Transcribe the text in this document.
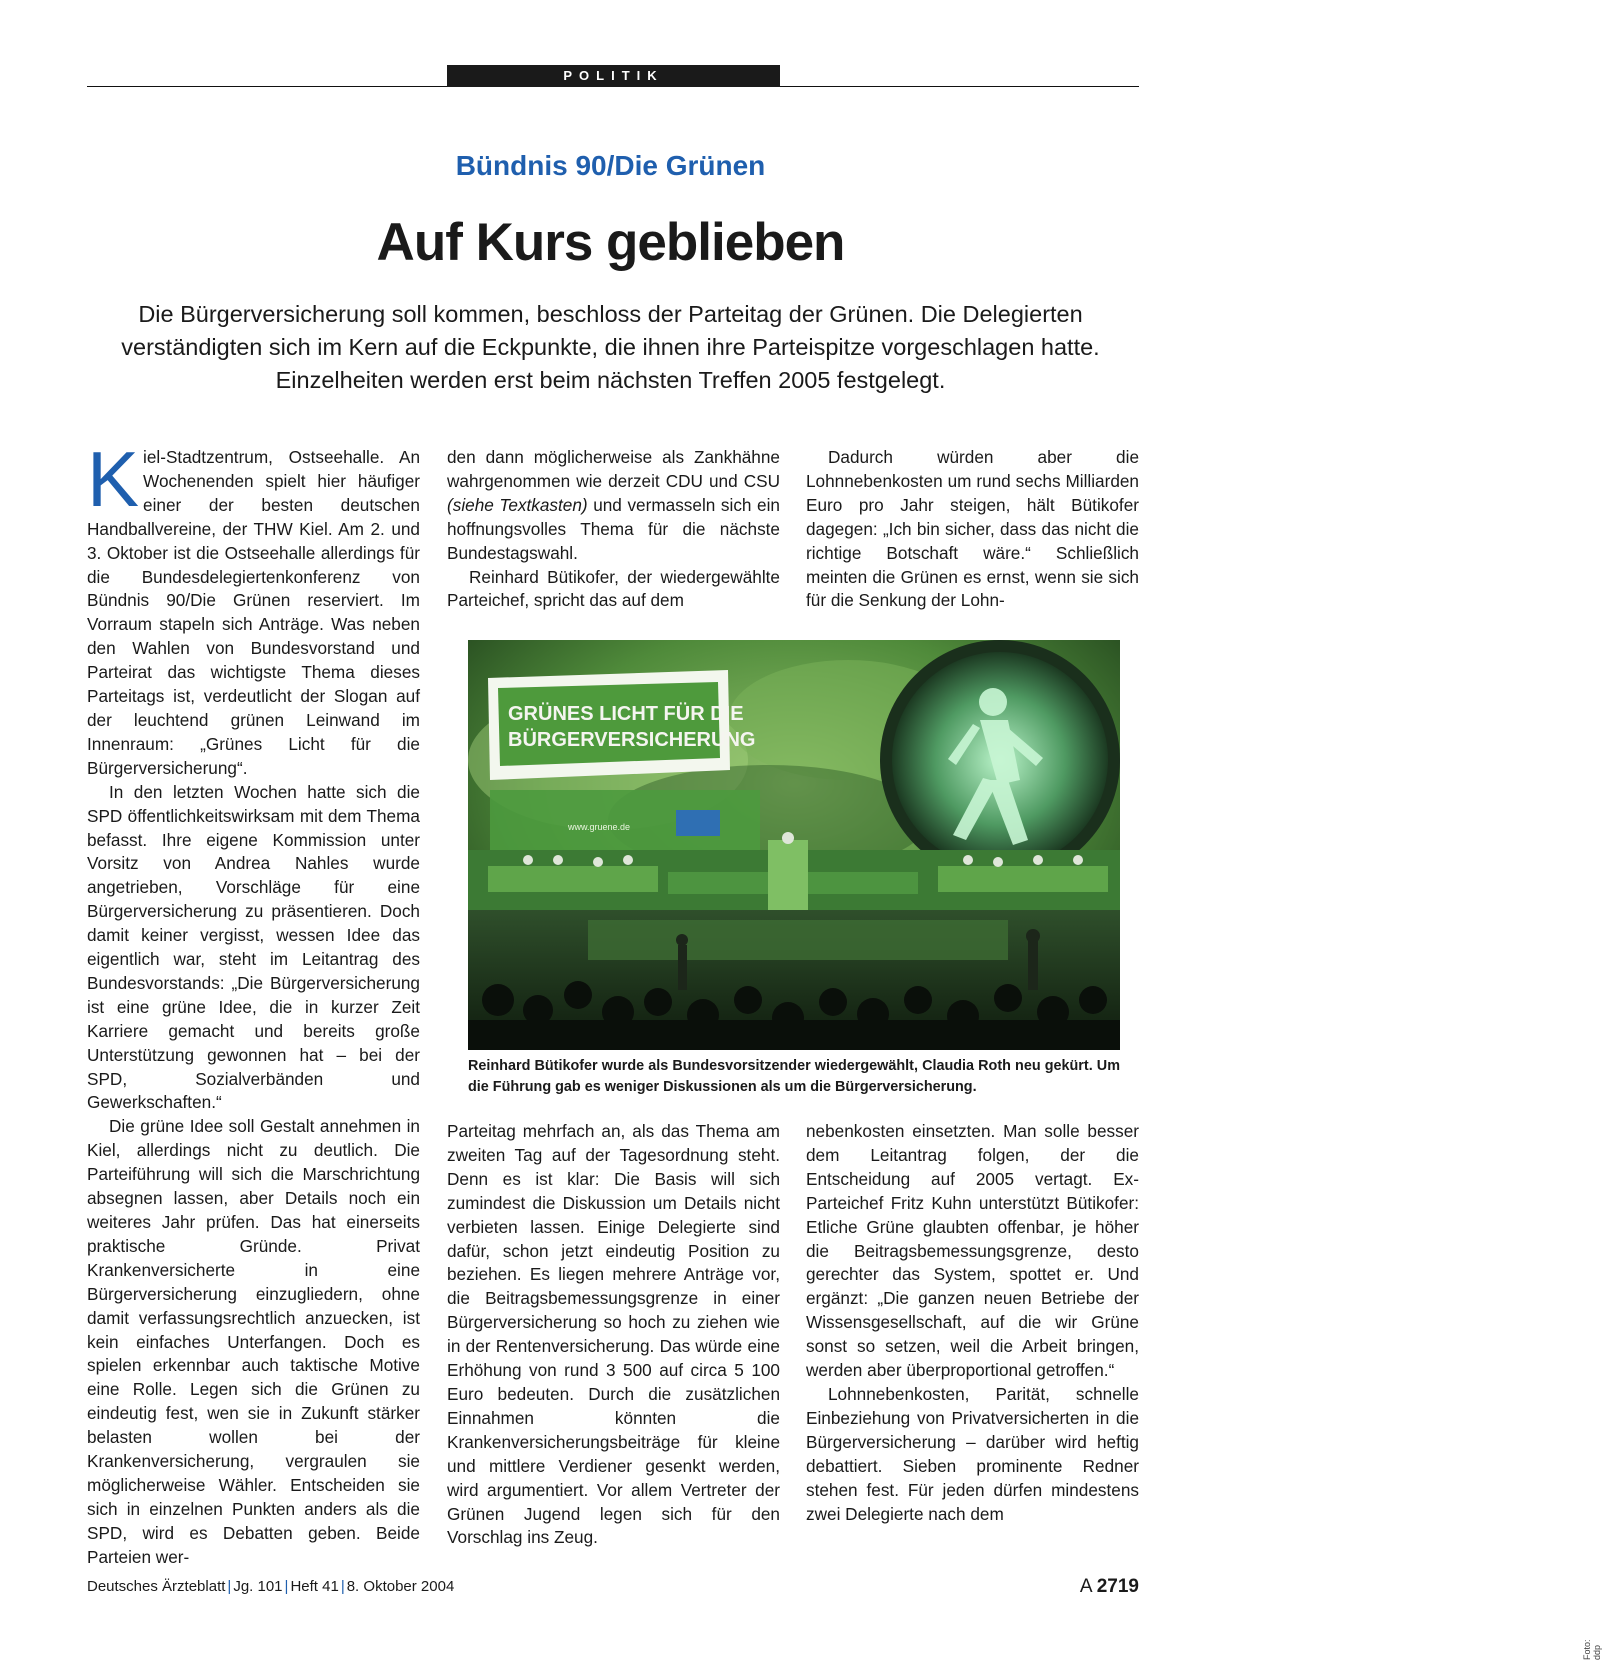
POLITIK
Bündnis 90/Die Grünen
Auf Kurs geblieben
Die Bürgerversicherung soll kommen, beschloss der Parteitag der Grünen. Die Delegierten verständigten sich im Kern auf die Eckpunkte, die ihnen ihre Parteispitze vorgeschlagen hatte. Einzelheiten werden erst beim nächsten Treffen 2005 festgelegt.

Kiel-Stadtzentrum, Ostseehalle. An Wochenenden spielt hier häufiger einer der besten deutschen Handballvereine, der THW Kiel. Am 2. und 3. Oktober ist die Ostseehalle allerdings für die Bundesdelegiertenkonferenz von Bündnis 90/Die Grünen reserviert. Im Vorraum stapeln sich Anträge. Was neben den Wahlen von Bundesvorstand und Parteirat das wichtigste Thema dieses Parteitags ist, verdeutlicht der Slogan auf der leuchtend grünen Leinwand im Innenraum: „Grünes Licht für die Bürgerversicherung“.

In den letzten Wochen hatte sich die SPD öffentlichkeitswirksam mit dem Thema befasst. Ihre eigene Kommission unter Vorsitz von Andrea Nahles wurde angetrieben, Vorschläge für eine Bürgerversicherung zu präsentieren. Doch damit keiner vergisst, wessen Idee das eigentlich war, steht im Leitantrag des Bundesvorstands: „Die Bürgerversicherung ist eine grüne Idee, die in kurzer Zeit Karriere gemacht und bereits große Unterstützung gewonnen hat – bei der SPD, Sozialverbänden und Gewerkschaften.“

Die grüne Idee soll Gestalt annehmen in Kiel, allerdings nicht zu deutlich. Die Parteiführung will sich die Marschrichtung absegnen lassen, aber Details noch ein weiteres Jahr prüfen. Das hat einerseits praktische Gründe. Privat Krankenversicherte in eine Bürgerversicherung einzugliedern, ohne damit verfassungsrechtlich anzuecken, ist kein einfaches Unterfangen. Doch es spielen erkennbar auch taktische Motive eine Rolle. Legen sich die Grünen zu eindeutig fest, wen sie in Zukunft stärker belasten wollen bei der Krankenversicherung, vergraulen sie möglicherweise Wähler. Entscheiden sie sich in einzelnen Punkten anders als die SPD, wird es Debatten geben. Beide Parteien wer-

den dann möglicherweise als Zankhähne wahrgenommen wie derzeit CDU und CSU (siehe Textkasten) und vermasseln sich ein hoffnungsvolles Thema für die nächste Bundestagswahl.

Reinhard Bütikofer, der wiedergewählte Parteichef, spricht das auf dem

Dadurch würden aber die Lohnnebenkosten um rund sechs Milliarden Euro pro Jahr steigen, hält Bütikofer dagegen: „Ich bin sicher, dass das nicht die richtige Botschaft wäre.“ Schließlich meinten die Grünen es ernst, wenn sie sich für die Senkung der Lohn-

GRÜNES LICHT FÜR DIE
BÜRGERVERSICHERUNG
www.gruene.de
Foto: ddp
Reinhard Bütikofer wurde als Bundesvorsitzender wiedergewählt, Claudia Roth neu gekürt. Um die Führung gab es weniger Diskussionen als um die Bürgerversicherung.

Parteitag mehrfach an, als das Thema am zweiten Tag auf der Tagesordnung steht. Denn es ist klar: Die Basis will sich zumindest die Diskussion um Details nicht verbieten lassen. Einige Delegierte sind dafür, schon jetzt eindeutig Position zu beziehen. Es liegen mehrere Anträge vor, die Beitragsbemessungsgrenze in einer Bürgerversicherung so hoch zu ziehen wie in der Rentenversicherung. Das würde eine Erhöhung von rund 3 500 auf circa 5 100 Euro bedeuten. Durch die zusätzlichen Einnahmen könnten die Krankenversicherungsbeiträge für kleine und mittlere Verdiener gesenkt werden, wird argumentiert. Vor allem Vertreter der Grünen Jugend legen sich für den Vorschlag ins Zeug.

nebenkosten einsetzten. Man solle besser dem Leitantrag folgen, der die Entscheidung auf 2005 vertagt. Ex-Parteichef Fritz Kuhn unterstützt Bütikofer: Etliche Grüne glaubten offenbar, je höher die Beitragsbemessungsgrenze, desto gerechter das System, spottet er. Und ergänzt: „Die ganzen neuen Betriebe der Wissensgesellschaft, auf die wir Grüne sonst so setzen, weil die Arbeit bringen, werden aber überproportional getroffen.“

Lohnnebenkosten, Parität, schnelle Einbeziehung von Privatversicherten in die Bürgerversicherung – darüber wird heftig debattiert. Sieben prominente Redner stehen fest. Für jeden dürfen mindestens zwei Delegierte nach dem

Deutsches Ärzteblatt | Jg. 101 | Heft 41 | 8. Oktober 2004	A 2719
